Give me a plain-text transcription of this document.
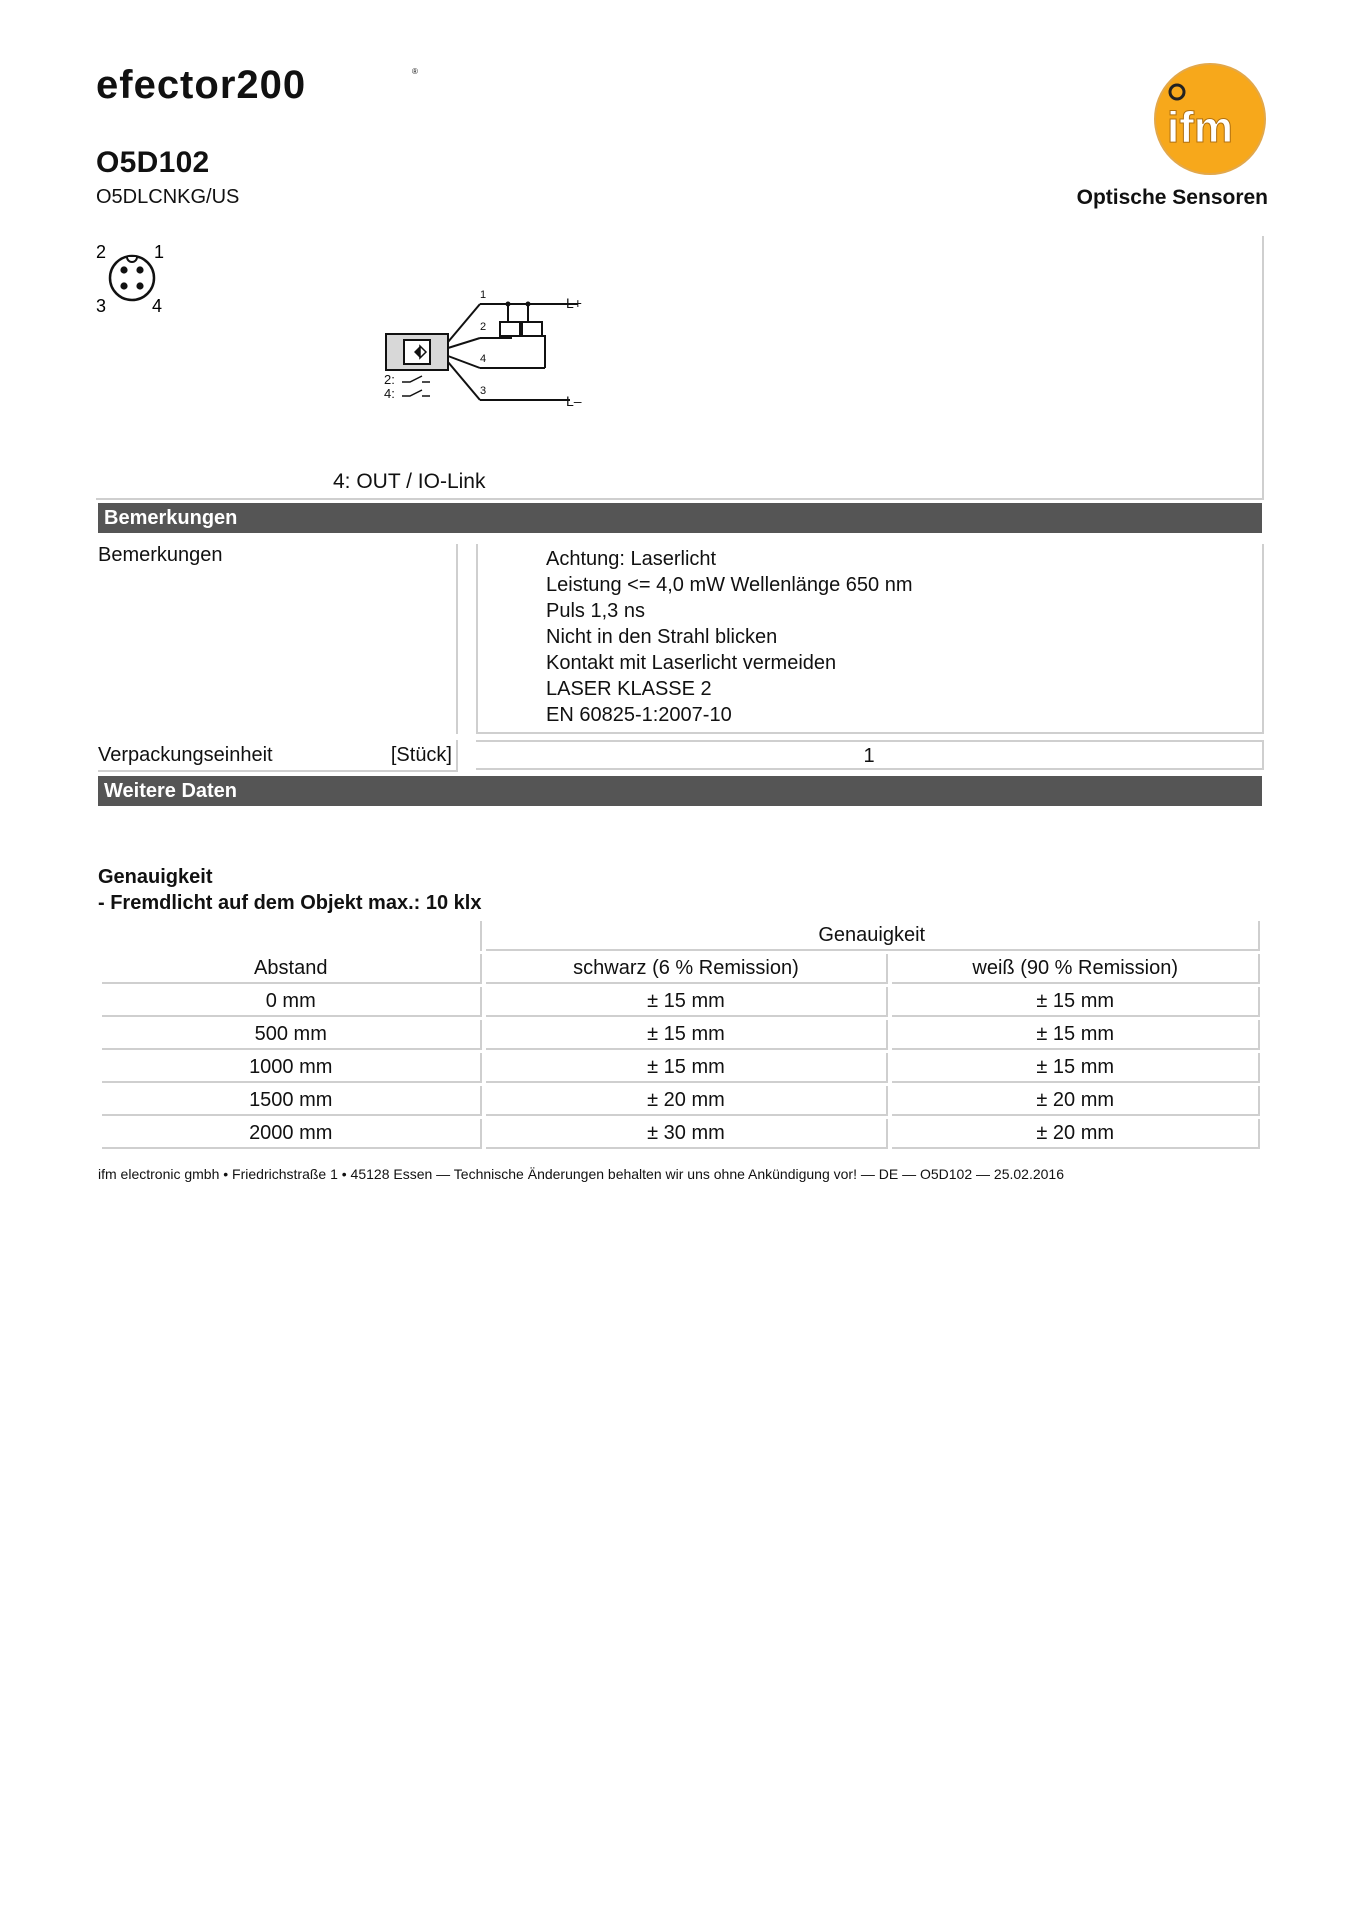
efector200	®
ifm
O5D102
O5DLCNKG/US	Optische Sensoren
2	1
3	4
1
2
4
3
L+
L–
2:
4:
4: OUT / IO-Link
Bemerkungen
Bemerkungen	Achtung: Laserlicht
Leistung <= 4,0 mW Wellenlänge 650 nm
Puls 1,3 ns
Nicht in den Strahl blicken
Kontakt mit Laserlicht vermeiden
LASER KLASSE 2
EN 60825-1:2007-10
Verpackungseinheit	[Stück]	1
Weitere Daten
Genauigkeit
- Fremdlicht auf dem Objekt max.: 10 klx
	Genauigkeit	
Abstand	schwarz (6 % Remission)	weiß (90 % Remission)
0 mm	± 15 mm	± 15 mm
500 mm	± 15 mm	± 15 mm
1000 mm	± 15 mm	± 15 mm
1500 mm	± 20 mm	± 20 mm
2000 mm	± 30 mm	± 20 mm
ifm electronic gmbh • Friedrichstraße 1 • 45128 Essen — Technische Änderungen behalten wir uns ohne Ankündigung vor! — DE — O5D102 — 25.02.2016
